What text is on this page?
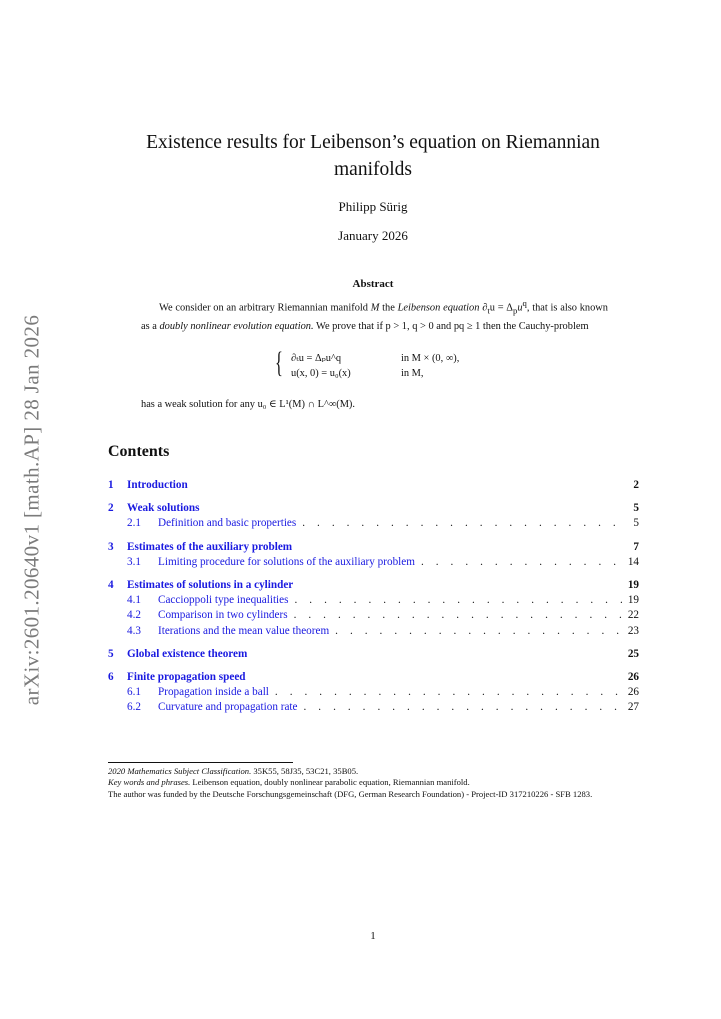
arXiv:2601.20640v1 [math.AP] 28 Jan 2026
Existence results for Leibenson’s equation on Riemannian
manifolds
Philipp Sürig
January 2026
Abstract
We consider on an arbitrary Riemannian manifold M the Leibenson equation $\partial_tu = \Delta_pu^q$, that is also known as a doubly nonlinear evolution equation. We prove that if p > 1, q > 0 and pq ≥ 1 then the Cauchy-problem
{ ∂ₜu = Δₚu^q	in M × (0, ∞),
u(x, 0) = u₀(x)	in M,
has a weak solution for any u₀ ∈ L¹(M) ∩ L^∞(M).
Contents
1	Introduction	2
2	Weak solutions	5
2.1	Definition and basic properties . . .	5
3	Estimates of the auxiliary problem	7
3.1	Limiting procedure for solutions of the auxiliary problem . . .	14
4	Estimates of solutions in a cylinder	19
4.1	Caccioppoli type inequalities . . .	19
4.2	Comparison in two cylinders . . .	22
4.3	Iterations and the mean value theorem . . .	23
5	Global existence theorem	25
6	Finite propagation speed	26
6.1	Propagation inside a ball . . .	26
6.2	Curvature and propagation rate . . .	27

2020 Mathematics Subject Classification. 35K55, 58J35, 53C21, 35B05.

Key words and phrases. Leibenson equation, doubly nonlinear parabolic equation, Riemannian manifold.

The author was funded by the Deutsche Forschungsgemeinschaft (DFG, German Research Foundation) - Project-ID 317210226 - SFB 1283.

1
